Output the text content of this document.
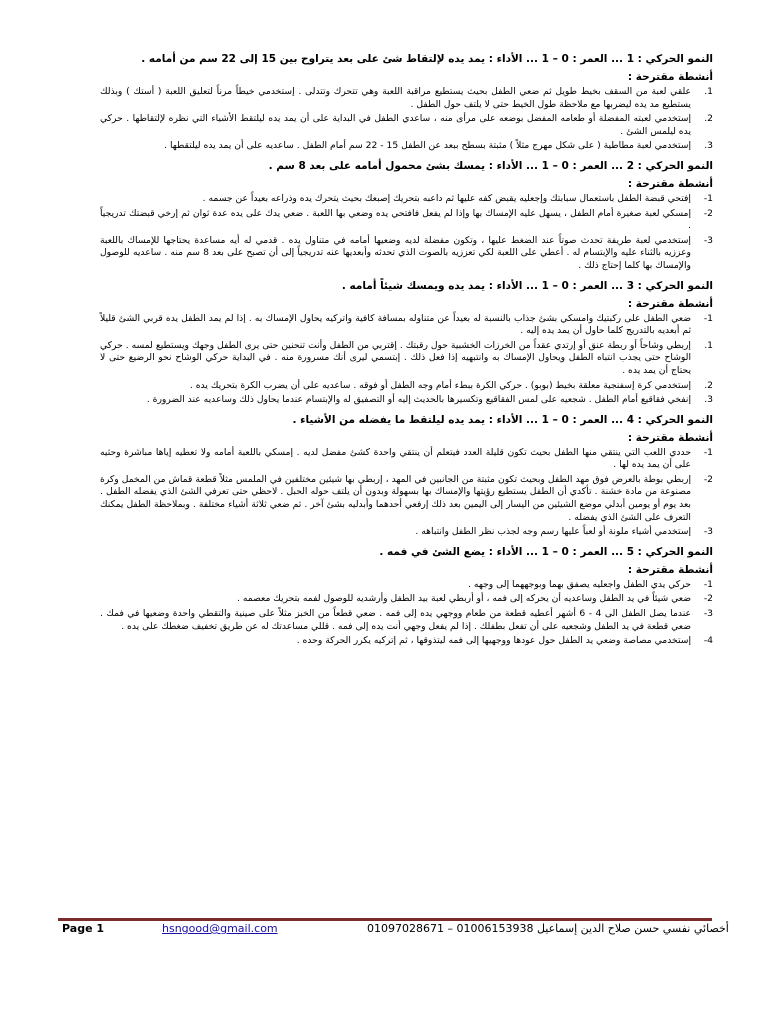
النمو الحركي : 1 ... العمر : 0 – 1 ... الأداء : يمد يده لإلتقاط شئ على بعد يتراوح بين 15 إلى 22 سم من أمامه .
أنشطة مقترحة :
1.
علقي لعبة من السقف بخيط طويل ثم ضعي الطفل بحيث يستطيع مراقبة اللعبة وهي تتحرك وتتدلى . إستخدمي خيطاً مرناً لتعليق اللعبة ( أستك ) وبذلك يستطيع مد يده ليضربها مع ملاحظة طول الخيط حتى لا يلتف حول الطفل .
2.
إستخدمي لعبته المفضلة أو طعامه المفضل بوضعه على مرأى منه ، ساعدي الطفل في البداية على أن يمد يده ليلتقط الأشياء التي نظره لإلتقاطها . حركي يده ليلمس الشئ .
3.
إستخدمي لعبة مطاطية ( على شكل مهرج مثلاً ) مثبتة بسطح ببعد عن الطفل 15 - 22 سم أمام الطفل . ساعديه على أن يمد يده ليلتقطها .
النمو الحركي : 2 ... العمر : 0 – 1 ... الأداء : يمسك بشئ محمول أمامه على بعد 8 سم .
أنشطة مقترحة :
1-
إفتحي قبضة الطفل باستعمال سبابتك وإجعليه يقبض كفه عليها ثم داعبه بتحريك إصبعك بحيث يتحرك يده وذراعه بعيداً عن جسمه .
2-
إمسكي لعبة صغيرة أمام الطفل ، يسهل عليه الإمساك بها وإذا لم يفعل فافتحي يده وضعي بها اللعبة . ضعي يدك على يده عدة ثوان ثم إرخي قبضتك تدريجياً .
3-
إستخدمي لعبة طريفة تحدث صوتاً عند الضغط عليها ، وتكون مفضلة لديه وضعيها أمامه في متناول يده . قدمي له أيه مساعدة يحتاجها للإمساك باللعبة وعززيه بالثناء عليه والإبتسام له . أعطي على اللعبة لكي تعززيه بالصوت الذي تحدثه وأبعديها عنه تدريجياً إلى أن تصبح على بعد 8 سم منه . ساعديه للوصول والإمساك بها كلما إحتاج ذلك .
النمو الحركي : 3 ... العمر : 0 – 1 ... الأداء : يمد يده ويمسك شيئاً أمامه .
أنشطة مقترحة :
1-
ضعي الطفل على ركبتيك وامسكي بشئ جذاب بالنسبة له بعيداً عن متناوله بمسافة كافية واتركيه يحاول الإمساك به . إذا لم يمد الطفل يده قربي الشئ قليلاً ثم أبعديه بالتدريج كلما حاول أن يمد يده إليه .
1.
إربطي وشاحاً أو ربطة عنق أو إرتدي عقداً من الخرزات الخشبية حول رقبتك . إقتربي من الطفل وأنت تنحنين حتى يرى الطفل وجهك ويستطيع لمسه . حركي الوشاح حتى يجذب انتباه الطفل ويحاول الإمساك به وانتبهيه إذا فعل ذلك . إبتسمي ليرى أنك مسرورة منه . في البداية حركي الوشاح نحو الرضيع حتى لا يحتاج أن يمد يده .
2.
إستخدمي كرة إسفنجية معلقة بخيط (بوبو) . حركي الكرة ببطء أمام وجه الطفل أو فوقه . ساعديه على أن يضرب الكرة بتحريك يده .
3.
إنفخي فقاقيع أمام الطفل . شجعيه على لمس الفقاقيع وتكسيرها بالحديث إليه أو التصفيق له والإبتسام عندما يحاول ذلك وساعديه عند الضرورة .
النمو الحركي : 4 ... العمر : 0 – 1 ... الأداء : يمد يده ليلتقط ما يفضله من الأشياء .
أنشطة مقترحة :
1-
حددي اللعب التي ينتقي منها الطفل بحيث تكون قليلة العدد فيتعلم أن ينتقي واحدة كشئ مفضل لديه . إمسكي باللعبة أمامه ولا تعطيه إياها مباشرة وحثيه على أن يمد يده لها .
2-
إربطي بوطة بالعرض فوق مهد الطفل وبحيث تكون مثبتة من الجانبين في المهد ، إربطي بها شيئين مختلفين في الملمس مثلاً قطعة قماش من المخمل وكرة مصنوعة من مادة خشنة . تأكدي أن الطفل يستطيع رؤيتها والإمساك بها بسهولة وبدون أن يلتف حوله الحبل . لاحظي حتى تعرفي الشئ الذي يفضله الطفل . بعد يوم أو يومين أبدلي موضع الشيئين من اليسار إلى اليمين بعد ذلك إرفعي أحدهما وأبدليه بشئ آخر . ثم ضعي ثلاثة أشياء مختلفة . وبملاحظة الطفل يمكنك التعرف على الشئ الذي يفضله .
3-
إستخدمي أشياء ملونة أو لعباً عليها رسم وجه لجذب نظر الطفل وانتباهه .
النمو الحركي : 5 ... العمر : 0 – 1 ... الأداء : يضع الشئ في فمه .
أنشطة مقترحة :
1-
حركي يدي الطفل واجعليه يصفق بهما وبوجههما إلى وجهه .
2-
ضعي شيئاً في يد الطفل وساعديه أن يحركه إلى فمه ، أو أربطي لعبة بيد الطفل وأرشديه للوصول لفمه بتحريك معصمه .
3-
عندما يصل الطفل الى 4 - 6 أشهر أعطيه قطعة من طعام ووجهي يده إلى فمه . ضعي قطعاً من الخبز مثلاً على صينية والتقطي واحدة وضعيها في فمك . ضعي قطعة في يد الطفل وشجعيه على أن تفعل بطفلك . إذا لم يفعل وجهي أنت يده إلى فمه . قللي مساعدتك له عن طريق تخفيف ضغطك على يده .
4-
إستخدمي مصاصة وضعي يد الطفل حول عودها ووجهيها إلى فمه ليتذوقها ، ثم إتركيه يكرر الحركة وحده .
Page 1	hsngood@gmail.com	أخصائي نفسي حسن صلاح الدين إسماعيل 01006153938 – 01097028671
